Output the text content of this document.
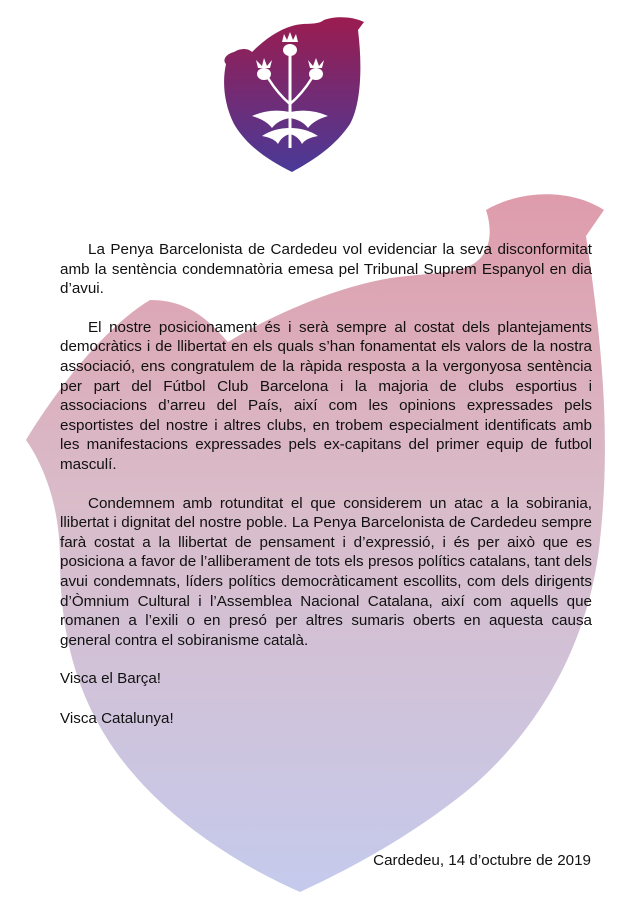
La Penya Barcelonista de Cardedeu vol evidenciar la seva disconformitat amb la sentència condemnatòria emesa pel Tribunal Suprem Espanyol en dia d’avui.

El nostre posicionament és i serà sempre al costat dels plantejaments democràtics i de llibertat en els quals s’han fonamentat els valors de la nostra associació, ens congratulem de la ràpida resposta a la vergonyosa sentència per part del Fútbol Club Barcelona i la majoria de clubs esportius i associacions d’arreu del País, així com les opinions expressades pels esportistes del nostre i altres clubs, en trobem especialment identificats amb les manifestacions expressades pels ex-capitans del primer equip de futbol masculí.

Condemnem amb rotunditat el que considerem un atac a la sobirania, llibertat i dignitat del nostre poble. La Penya Barcelonista de Cardedeu sempre farà costat a la llibertat de pensament i d’expressió, i és per això que es posiciona a favor de l’alliberament de tots els presos polítics catalans, tant dels avui condemnats, líders polítics democràticament escollits, com dels dirigents d’Òmnium Cultural i l’Assemblea Nacional Catalana, així com aquells que romanen a l’exili o en presó per altres sumaris oberts en aquesta causa general contra el sobiranisme català.

Visca el Barça!

Visca Catalunya!

Cardedeu, 14 d’octubre de 2019
